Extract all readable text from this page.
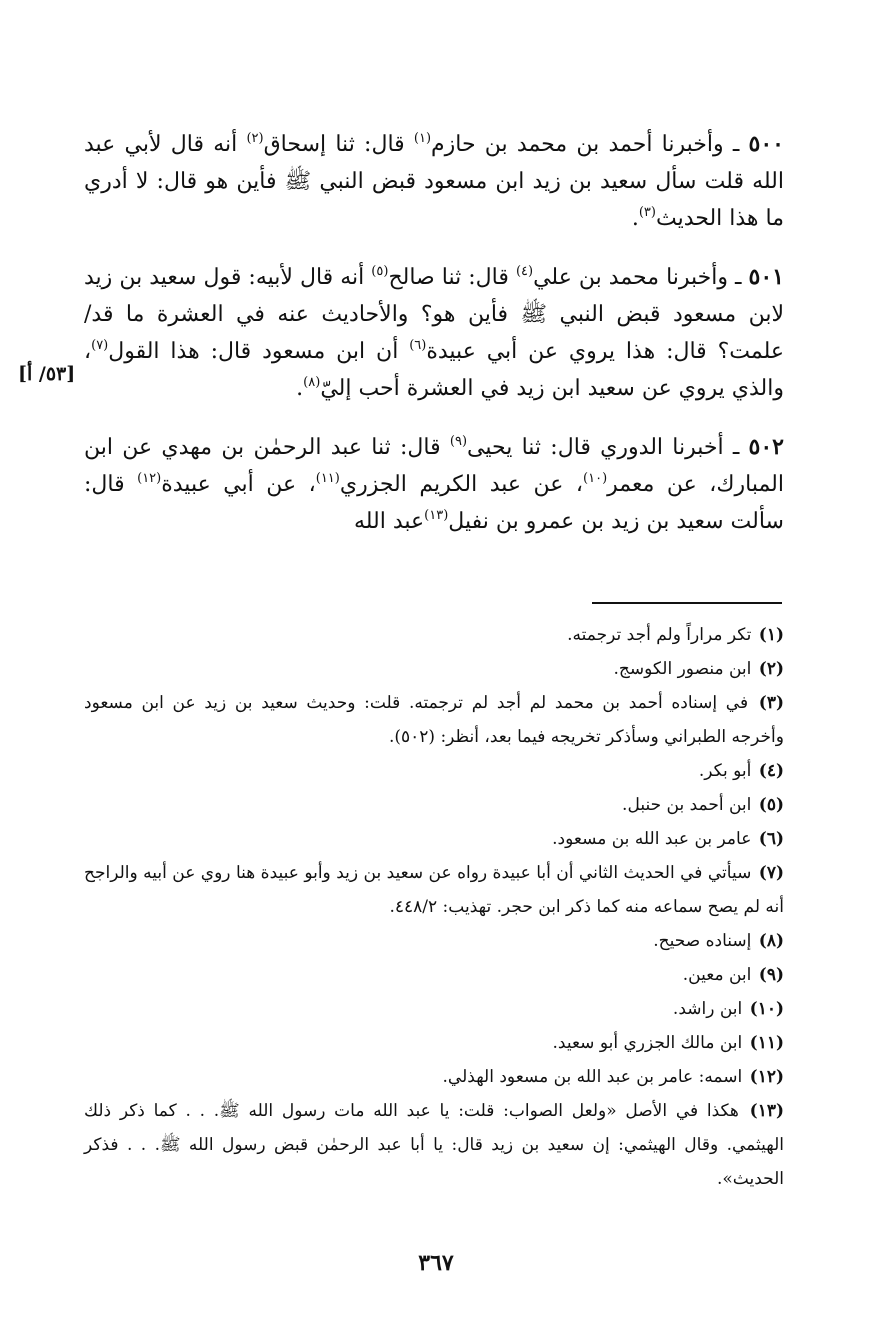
٥٠٠ ـ وأخبرنا أحمد بن محمد بن حازم$^{(١)}$ قال: ثنا إسحاق$^{(٢)}$ أنه قال لأبي عبد الله قلت سأل سعيد بن زيد ابن مسعود قبض النبي ﷺ فأين هو قال: لا أدري ما هذا الحديث$^{(٣)}$.

٥٠١ ـ وأخبرنا محمد بن علي$^{(٤)}$ قال: ثنا صالح$^{(٥)}$ أنه قال لأبيه: قول سعيد بن زيد لابن مسعود قبض النبي ﷺ فأين هو؟ والأحاديث عنه في العشرة ما قد/علمت؟ قال: هذا يروي عن أبي عبيدة$^{(٦)}$ أن ابن مسعود قال: هذا القول$^{(٧)}$، والذي يروي عن سعيد ابن زيد في العشرة أحب إليّ$^{(٨)}$.

٥٠٢ ـ أخبرنا الدوري قال: ثنا يحيى$^{(٩)}$ قال: ثنا عبد الرحمٰن بن مهدي عن ابن المبارك، عن معمر$^{(١٠)}$، عن عبد الكريم الجزري$^{(١١)}$، عن أبي عبيدة$^{(١٢)}$ قال: سألت سعيد بن زيد بن عمرو بن نفيل$^{(١٣)}$عبد الله

[٥٣/ أ]
(١) تكر مراراً ولم أجد ترجمته.
(٢) ابن منصور الكوسج.
(٣) في إسناده أحمد بن محمد لم أجد لم ترجمته. قلت: وحديث سعيد بن زيد عن ابن مسعود وأخرجه الطبراني وسأذكر تخريجه فيما بعد، أنظر: (٥٠٢).
(٤) أبو بكر.
(٥) ابن أحمد بن حنبل.
(٦) عامر بن عبد الله بن مسعود.
(٧) سيأتي في الحديث الثاني أن أبا عبيدة رواه عن سعيد بن زيد وأبو عبيدة هنا روي عن أبيه والراجح أنه لم يصح سماعه منه كما ذكر ابن حجر. تهذيب: ٤٤٨/٢.
(٨) إسناده صحيح.
(٩) ابن معين.
(١٠) ابن راشد.
(١١) ابن مالك الجزري أبو سعيد.
(١٢) اسمه: عامر بن عبد الله بن مسعود الهذلي.
(١٣) هكذا في الأصل «ولعل الصواب: قلت: يا عبد الله مات رسول الله ﷺ. . . كما ذكر ذلك الهيثمي. وقال الهيثمي: إن سعيد بن زيد قال: يا أبا عبد الرحمٰن قبض رسول الله ﷺ. . . فذكر الحديث».
٣٦٧
